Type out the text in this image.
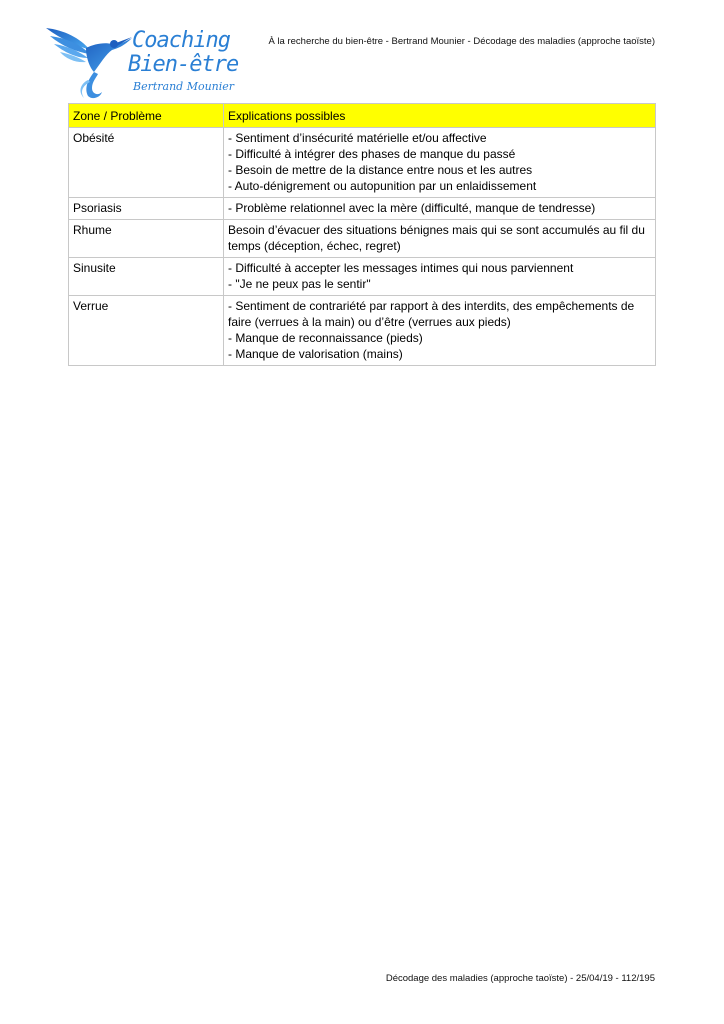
Coaching
Bien-être
Bertrand Mounier
À la recherche du bien-être - Bertrand Mounier - Décodage des maladies (approche taoïste)
Zone / Problème	Explications possibles
Obésité	- Sentiment d’insécurité matérielle et/ou affective
- Difficulté à intégrer des phases de manque du passé
- Besoin de mettre de la distance entre nous et les autres
- Auto-dénigrement ou autopunition par un enlaidissement

Psoriasis	- Problème relationnel avec la mère (difficulté, manque de tendresse)

Rhume	Besoin d’évacuer des situations bénignes mais qui se sont accumulés au fil du temps (déception, échec, regret)

Sinusite	- Difficulté à accepter les messages intimes qui nous parviennent
- "Je ne peux pas le sentir"

Verrue	- Sentiment de contrariété par rapport à des interdits, des empêchements de faire (verrues à la main) ou d’être (verrues aux pieds)
- Manque de reconnaissance (pieds)
- Manque de valorisation (mains)
Décodage des maladies (approche taoïste) - 25/04/19 - 112/195
